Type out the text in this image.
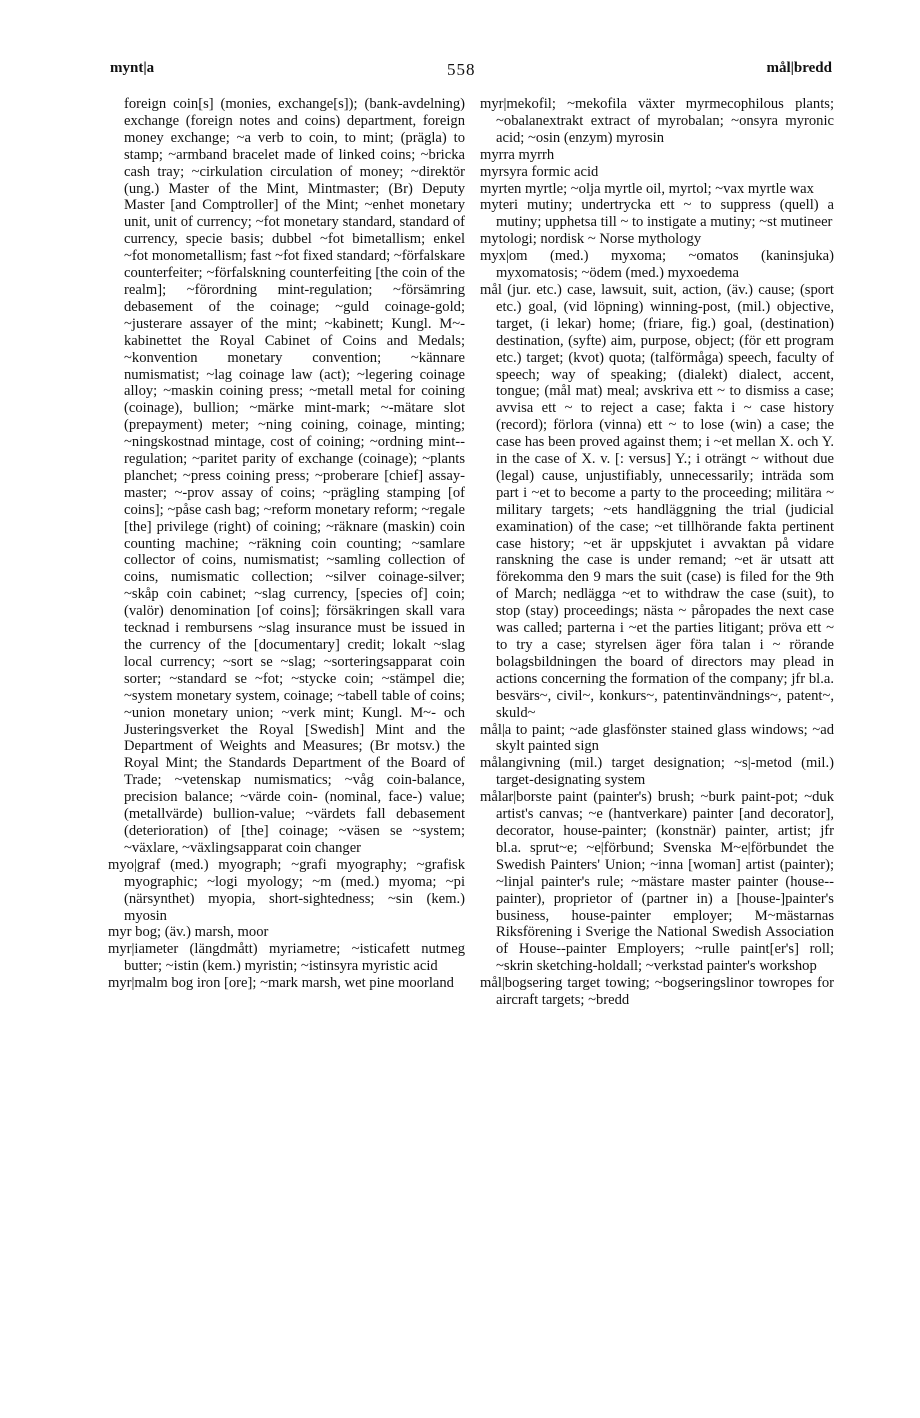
mynt|a	558	mål|bredd

foreign coin[s] (monies, exchange[s]); (bank-avdelning) exchange (foreign notes and coins) department, foreign money exchange; ~a verb to coin, to mint; (prägla) to stamp; ~armband bracelet made of linked coins; ~bricka cash tray; ~cirkulation circulation of money; ~direktör (ung.) Master of the Mint, Mintmaster; (Br) Deputy Master [and Comptroller] of the Mint; ~enhet monetary unit, unit of currency; ~fot monetary standard, standard of currency, specie basis; dubbel ~fot bimetallism; enkel ~fot monometallism; fast ~fot fixed standard; ~förfalskare counterfeiter; ~förfalskning counterfeiting [the coin of the realm]; ~förordning mint-regulation; ~försämring debasement of the coinage; ~guld coinage-gold; ~justerare assayer of the mint; ~kabinett; Kungl. M~-kabinettet the Royal Cabinet of Coins and Medals; ~konvention monetary convention; ~kännare numismatist; ~lag coinage law (act); ~legering coinage alloy; ~maskin coining press; ~metall metal for coining (coinage), bullion; ~märke mint-mark; ~-mätare slot (prepayment) meter; ~ning coining, coinage, minting; ~ningskostnad mintage, cost of coining; ~ordning mint--regulation; ~paritet parity of exchange (coinage); ~plants planchet; ~press coining press; ~proberare [chief] assay-master; ~-prov assay of coins; ~prägling stamping [of coins]; ~påse cash bag; ~reform monetary reform; ~regale [the] privilege (right) of coining; ~räknare (maskin) coin counting machine; ~räkning coin counting; ~samlare collector of coins, numismatist; ~samling collection of coins, numismatic collection; ~silver coinage-silver; ~skåp coin cabinet; ~slag currency, [species of] coin; (valör) denomination [of coins]; försäkringen skall vara tecknad i rembursens ~slag insurance must be issued in the currency of the [documentary] credit; lokalt ~slag local currency; ~sort se ~slag; ~sorteringsapparat coin sorter; ~standard se ~fot; ~stycke coin; ~stämpel die; ~system monetary system, coinage; ~tabell table of coins; ~union monetary union; ~verk mint; Kungl. M~- och Justeringsverket the Royal [Swedish] Mint and the Department of Weights and Measures; (Br motsv.) the Royal Mint; the Standards Department of the Board of Trade; ~vetenskap numismatics; ~våg coin-balance, precision balance; ~värde coin- (nominal, face-) value; (metallvärde) bullion-value; ~värdets fall debasement (deterioration) of [the] coinage; ~väsen se ~system; ~växlare, ~växlingsapparat coin changer

myo|graf (med.) myograph; ~grafi myography; ~grafisk myographic; ~logi myology; ~m (med.) myoma; ~pi (närsynthet) myopia, short-sightedness; ~sin (kem.) myosin

myr bog; (äv.) marsh, moor

myr|iameter (längdmått) myriametre; ~isticafett nutmeg butter; ~istin (kem.) myristin; ~istinsyra myristic acid

myr|malm bog iron [ore]; ~mark marsh, wet pine moorland

myr|mekofil; ~mekofila växter myrmecophilous plants; ~obalanextrakt extract of myrobalan; ~onsyra myronic acid; ~osin (enzym) myrosin

myrra myrrh

myrsyra formic acid

myrten myrtle; ~olja myrtle oil, myrtol; ~vax myrtle wax

myteri mutiny; undertrycka ett ~ to suppress (quell) a mutiny; upphetsa till ~ to instigate a mutiny; ~st mutineer

mytologi; nordisk ~ Norse mythology

myx|om (med.) myxoma; ~omatos (kaninsjuka) myxomatosis; ~ödem (med.) myxoedema

mål (jur. etc.) case, lawsuit, suit, action, (äv.) cause; (sport etc.) goal, (vid löpning) winning-post, (mil.) objective, target, (i lekar) home; (friare, fig.) goal, (destination) destination, (syfte) aim, purpose, object; (för ett program etc.) target; (kvot) quota; (talförmåga) speech, faculty of speech; way of speaking; (dialekt) dialect, accent, tongue; (mål mat) meal; avskriva ett ~ to dismiss a case; avvisa ett ~ to reject a case; fakta i ~ case history (record); förlora (vinna) ett ~ to lose (win) a case; the case has been proved against them; i ~et mellan X. och Y. in the case of X. v. [: versus] Y.; i oträngt ~ without due (legal) cause, unjustifiably, unnecessarily; inträda som part i ~et to become a party to the proceeding; militära ~ military targets; ~ets handläggning the trial (judicial examination) of the case; ~et tillhörande fakta pertinent case history; ~et är uppskjutet i avvaktan på vidare ranskning the case is under remand; ~et är utsatt att förekomma den 9 mars the suit (case) is filed for the 9th of March; nedlägga ~et to withdraw the case (suit), to stop (stay) proceedings; nästa ~ påropades the next case was called; parterna i ~et the parties litigant; pröva ett ~ to try a case; styrelsen äger föra talan i ~ rörande bolagsbildningen the board of directors may plead in actions concerning the formation of the company; jfr bl.a. besvärs~, civil~, konkurs~, patentinvändnings~, patent~, skuld~

mål|a to paint; ~ade glasfönster stained glass windows; ~ad skylt painted sign

målangivning (mil.) target designation; ~s|-metod (mil.) target-designating system

målar|borste paint (painter's) brush; ~burk paint-pot; ~duk artist's canvas; ~e (hantverkare) painter [and decorator], decorator, house-painter; (konstnär) painter, artist; jfr bl.a. sprut~e; ~e|förbund; Svenska M~e|förbundet the Swedish Painters' Union; ~inna [woman] artist (painter); ~linjal painter's rule; ~mästare master painter (house--painter), proprietor of (partner in) a [house-]painter's business, house-painter employer; M~mästarnas Riksförening i Sverige the National Swedish Association of House--painter Employers; ~rulle paint[er's] roll; ~skrin sketching-holdall; ~verkstad painter's workshop

mål|bogsering target towing; ~bogseringslinor towropes for aircraft targets; ~bredd
